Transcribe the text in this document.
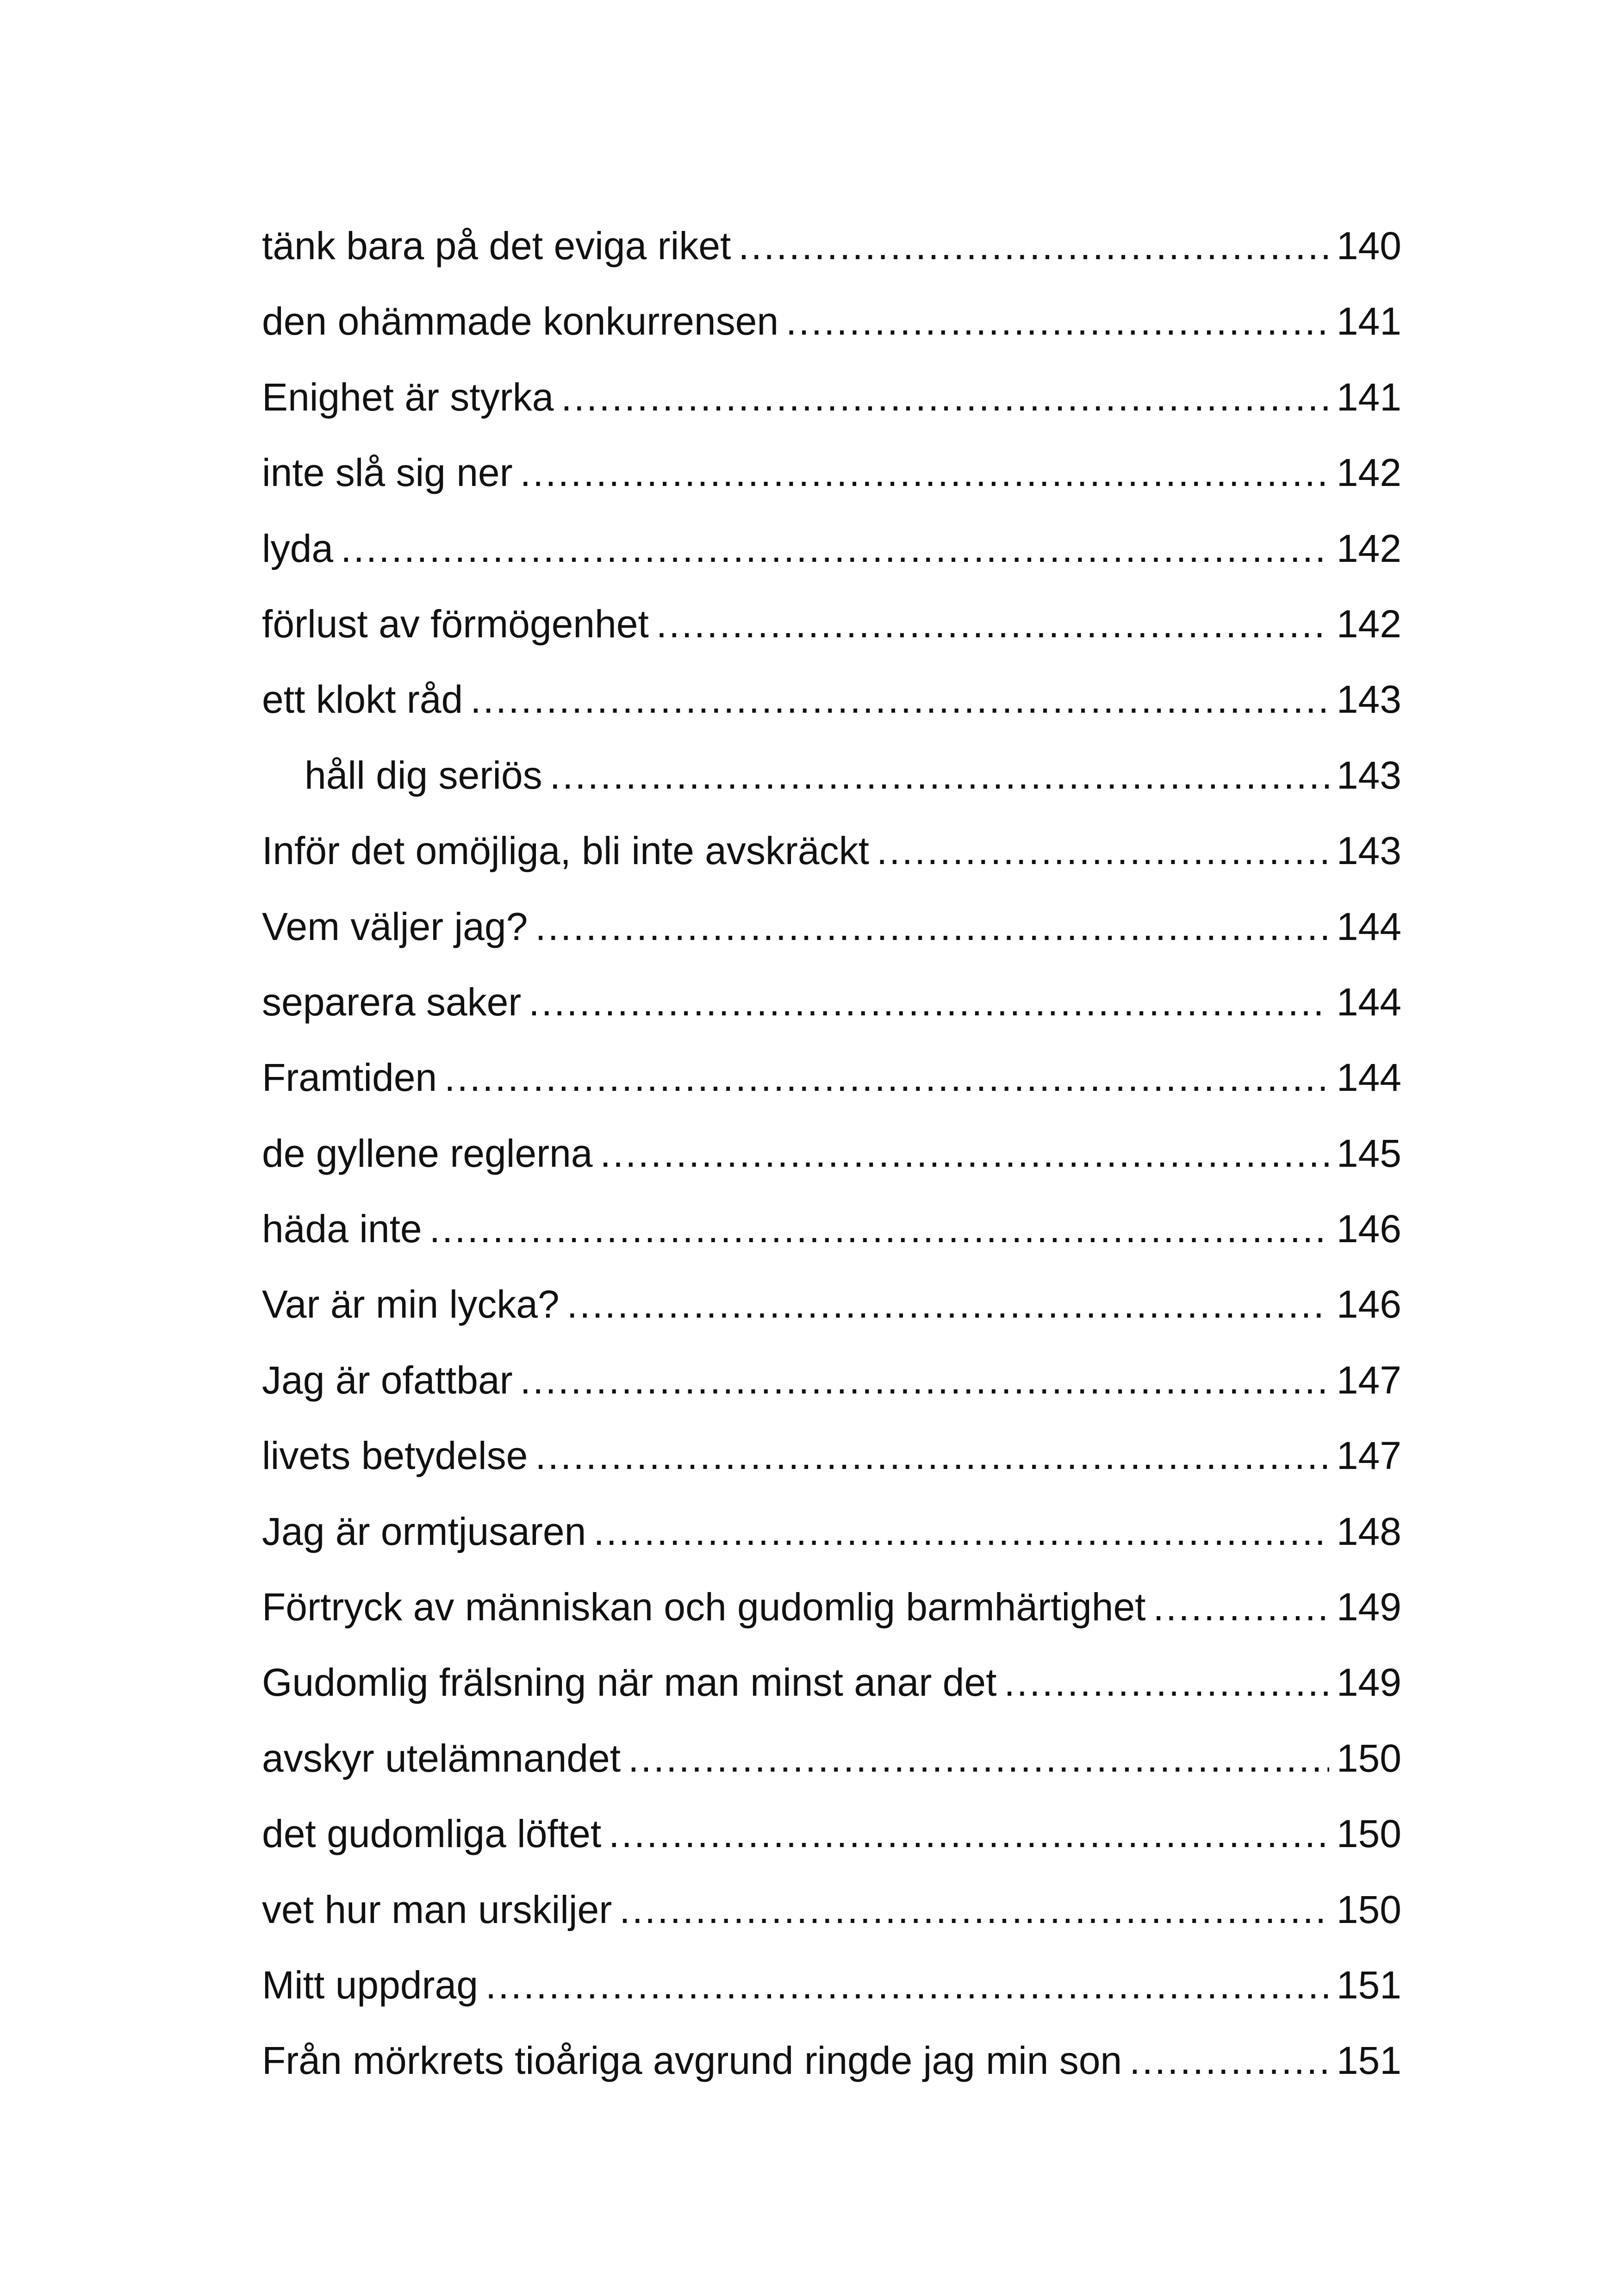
tänk bara på det eviga riket .....	140
den ohämmade konkurrensen .....	141
Enighet är styrka .....	141
inte slå sig ner .....	142
lyda .....	142
förlust av förmögenhet .....	142
ett klokt råd .....	143
håll dig seriös .....	143
Inför det omöjliga, bli inte avskräckt .....	143
Vem väljer jag? .....	144
separera saker .....	144
Framtiden .....	144
de gyllene reglerna .....	145
häda inte .....	146
Var är min lycka? .....	146
Jag är ofattbar .....	147
livets betydelse .....	147
Jag är ormtjusaren .....	148
Förtryck av människan och gudomlig barmhärtighet .....	149
Gudomlig frälsning när man minst anar det .....	149
avskyr utelämnandet .....	150
det gudomliga löftet .....	150
vet hur man urskiljer .....	150
Mitt uppdrag .....	151
Från mörkrets tioåriga avgrund ringde jag min son .....	151
